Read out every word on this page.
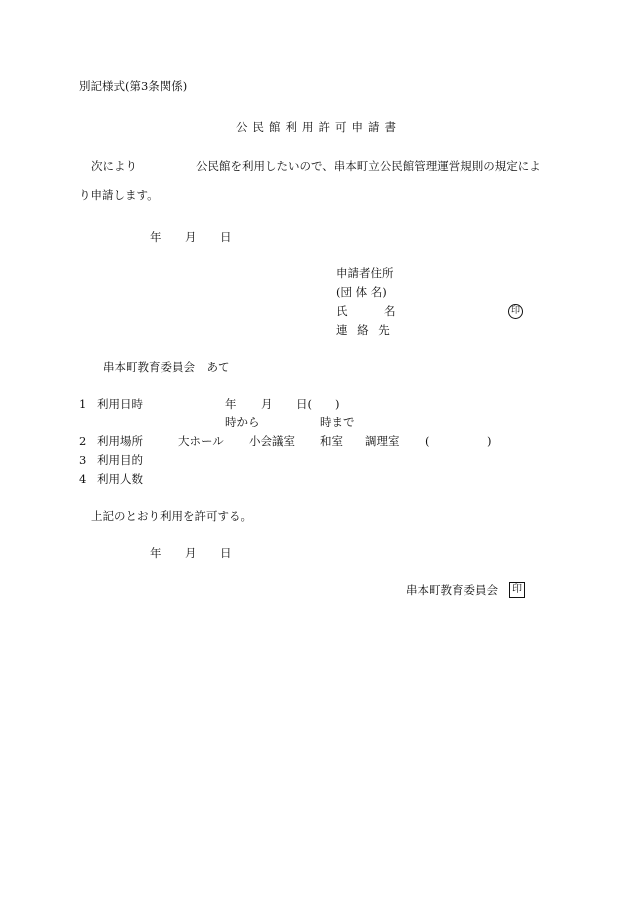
別記様式(第3条関係)
公民館利用許可申請書
次により	公民館を利用したいので、串本町立公民館管理運営規則の規定によ
り申請します。
年 月 日
申請者住所
(団 体 名)
氏	名	印
連 絡 先
串本町教育委員会　あて
1 利用日時	年 月 日(　　)
時から	時まで
2 利用場所	大ホール 小会議室 和室 調理室 (	)
3 利用目的
4 利用人数
上記のとおり利用を許可する。
年 月 日
串本町教育委員会	印
